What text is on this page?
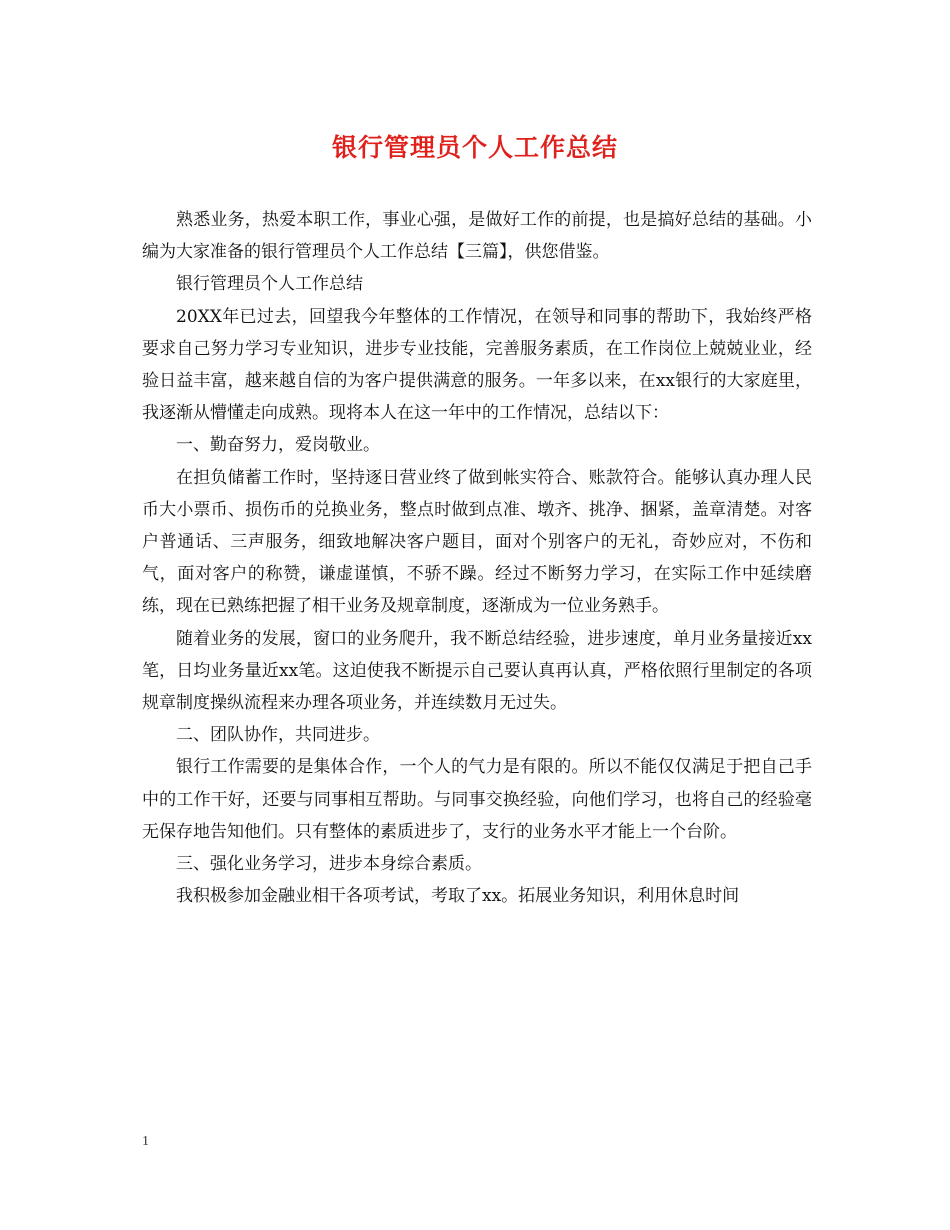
银行管理员个人工作总结

熟悉业务，热爱本职工作，事业心强，是做好工作的前提，也是搞好总结的基础。小编为大家准备的银行管理员个人工作总结【三篇】，供您借鉴。

银行管理员个人工作总结

20XX年已过去，回望我今年整体的工作情况，在领导和同事的帮助下，我始终严格要求自己努力学习专业知识，进步专业技能，完善服务素质，在工作岗位上兢兢业业，经验日益丰富，越来越自信的为客户提供满意的服务。一年多以来，在xx银行的大家庭里，我逐渐从懵懂走向成熟。现将本人在这一年中的工作情况，总结以下：

一、勤奋努力，爱岗敬业。

在担负储蓄工作时，坚持逐日营业终了做到帐实符合、账款符合。能够认真办理人民币大小票币、损伤币的兑换业务，整点时做到点准、墩齐、挑净、捆紧，盖章清楚。对客户普通话、三声服务，细致地解决客户题目，面对个别客户的无礼，奇妙应对，不伤和气，面对客户的称赞，谦虚谨慎，不骄不躁。经过不断努力学习，在实际工作中延续磨练，现在已熟练把握了相干业务及规章制度，逐渐成为一位业务熟手。

随着业务的发展，窗口的业务爬升，我不断总结经验，进步速度，单月业务量接近xx笔，日均业务量近xx笔。这迫使我不断提示自己要认真再认真，严格依照行里制定的各项规章制度操纵流程来办理各项业务，并连续数月无过失。

二、团队协作，共同进步。

银行工作需要的是集体合作，一个人的气力是有限的。所以不能仅仅满足于把自己手中的工作干好，还要与同事相互帮助。与同事交换经验，向他们学习，也将自己的经验毫无保存地告知他们。只有整体的素质进步了，支行的业务水平才能上一个台阶。

三、强化业务学习，进步本身综合素质。

我积极参加金融业相干各项考试，考取了xx。拓展业务知识，利用休息时间

1
